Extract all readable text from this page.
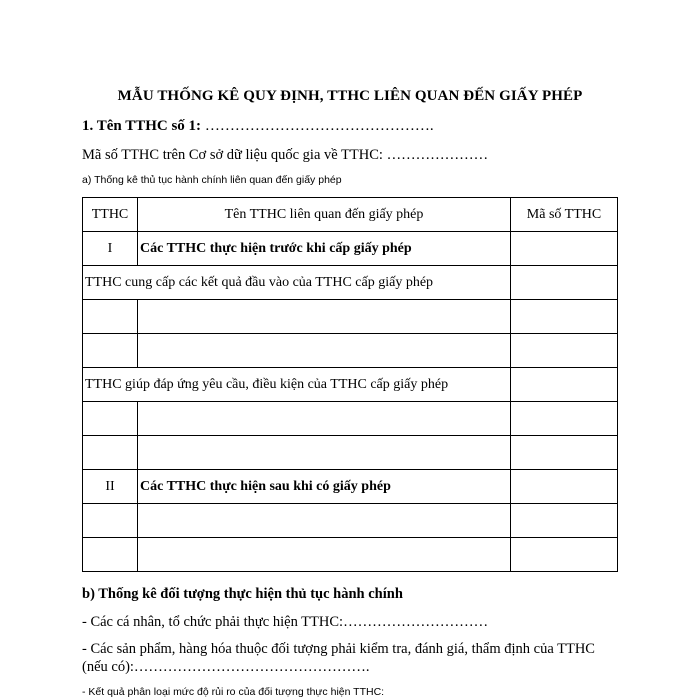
MẪU THỐNG KÊ QUY ĐỊNH, TTHC LIÊN QUAN ĐẾN GIẤY PHÉP
1. Tên TTHC số 1: ……………………………………….
Mã số TTHC trên Cơ sở dữ liệu quốc gia về TTHC: …………………
a) Thống kê thủ tục hành chính liên quan đến giấy phép
TTHC	Tên TTHC liên quan đến giấy phép	Mã số TTHC
I	Các TTHC thực hiện trước khi cấp giấy phép	
TTHC cung cấp các kết quả đầu vào của TTHC cấp giấy phép		

TTHC giúp đáp ứng yêu cầu, điều kiện của TTHC cấp giấy phép		

II	Các TTHC thực hiện sau khi có giấy phép	

b) Thống kê đối tượng thực hiện thủ tục hành chính
- Các cá nhân, tổ chức phải thực hiện TTHC:…………………………
- Các sản phẩm, hàng hóa thuộc đối tượng phải kiểm tra, đánh giá, thẩm định của TTHC
(nếu có):………………………………………….
- Kết quả phân loại mức độ rủi ro của đối tượng thực hiện TTHC:
